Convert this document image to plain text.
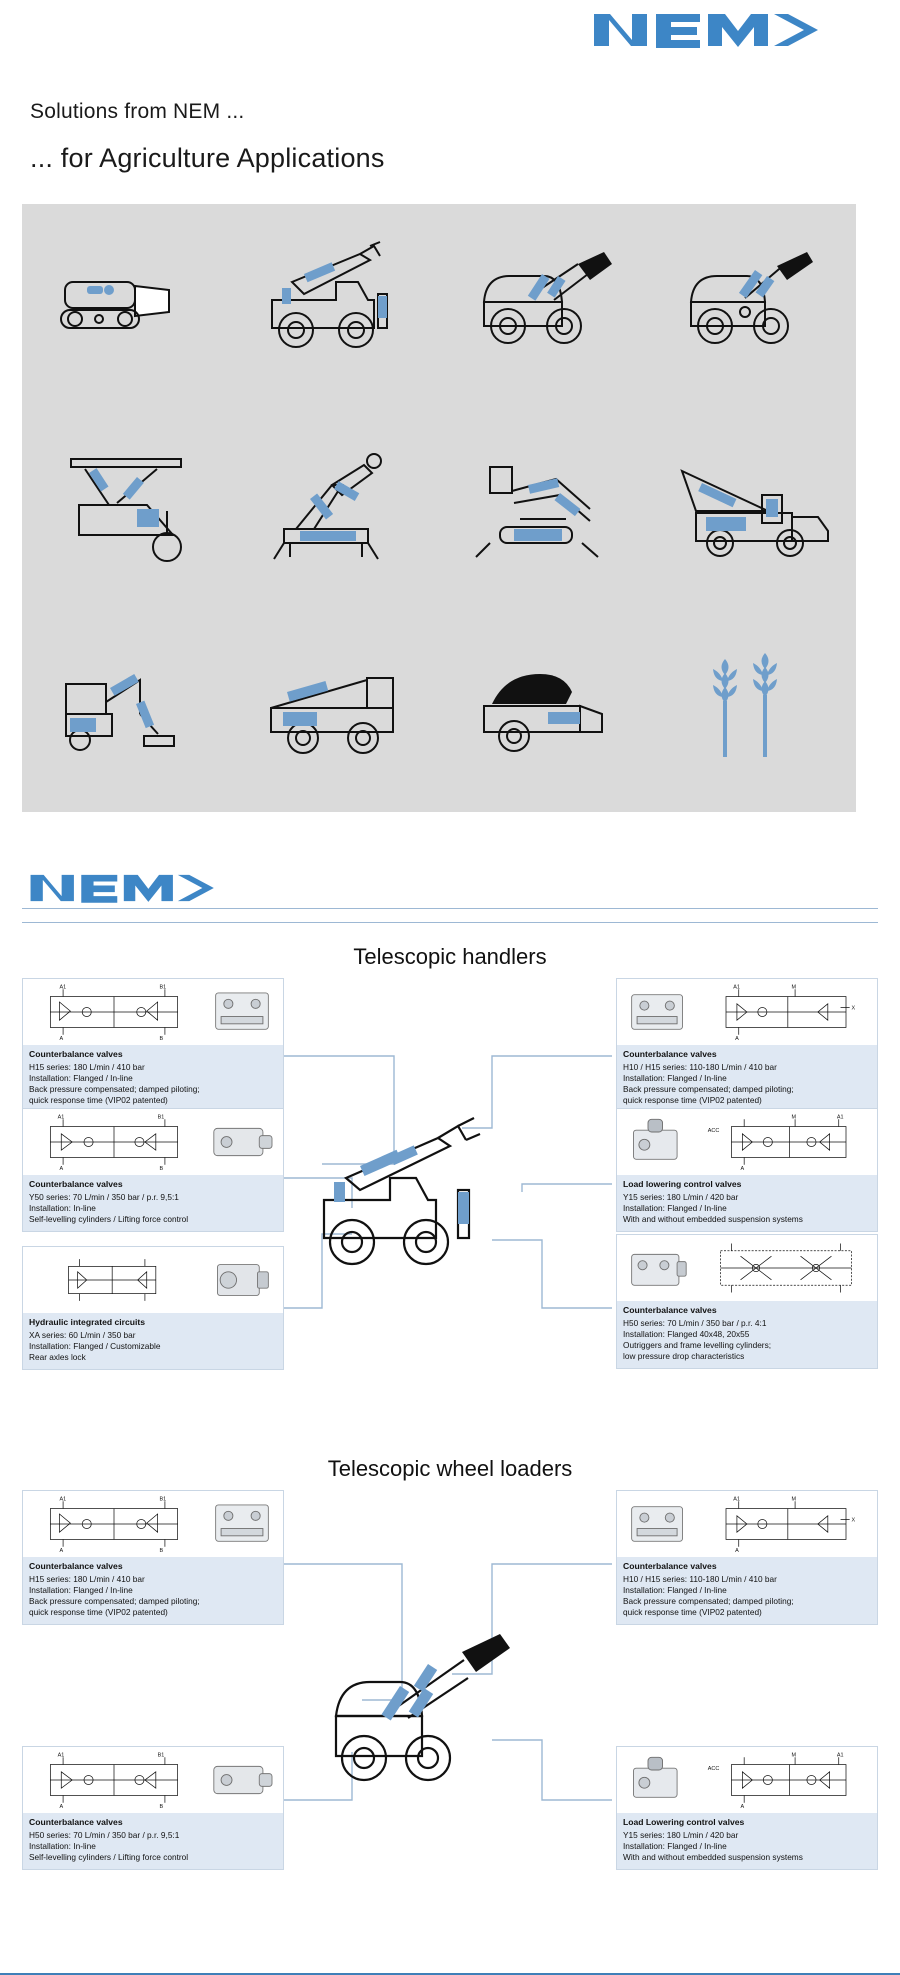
Solutions from NEM ...
... for Agriculture Applications
Telescopic handlers
A1	B1
A	B
Counterbalance valves
H15 series: 180 L/min / 410 bar
Installation: Flanged / In-line
Back pressure compensated; damped piloting;
quick response time (VIP02 patented)
A1	B1
A	B
Counterbalance valves
Y50 series: 70 L/min / 350 bar / p.r. 9,5:1
Installation: In-line
Self-levelling cylinders / Lifting force control
Hydraulic integrated circuits
XA series: 60 L/min / 350 bar
Installation: Flanged / Customizable
Rear axles lock
A1	M
X
A
Counterbalance valves
H10 / H15 series: 110-180 L/min / 410 bar
Installation: Flanged / In-line
Back pressure compensated; damped piloting;
quick response time (VIP02 patented)
ACC
M	A1
A
Load lowering control valves
Y15 series: 180 L/min / 420 bar
Installation: Flanged / In-line
With and without embedded suspension systems
Counterbalance valves
H50 series: 70 L/min / 350 bar / p.r. 4:1
Installation: Flanged 40x48, 20x55
Outriggers and frame levelling cylinders;
low pressure drop characteristics
Telescopic wheel loaders
A1	B1
A	B
Counterbalance valves
H15 series: 180 L/min / 410 bar
Installation: Flanged / In-line
Back pressure compensated; damped piloting;
quick response time (VIP02 patented)
A1	B1
A	B
Counterbalance valves
H50 series: 70 L/min / 350 bar / p.r. 9,5:1
Installation: In-line
Self-levelling cylinders / Lifting force control
A1	M
X
A
Counterbalance valves
H10 / H15 series: 110-180 L/min / 410 bar
Installation: Flanged / In-line
Back pressure compensated; damped piloting;
quick response time (VIP02 patented)
ACC
M	A1
A
Load Lowering control valves
Y15 series: 180 L/min / 420 bar
Installation: Flanged / In-line
With and without embedded suspension systems
